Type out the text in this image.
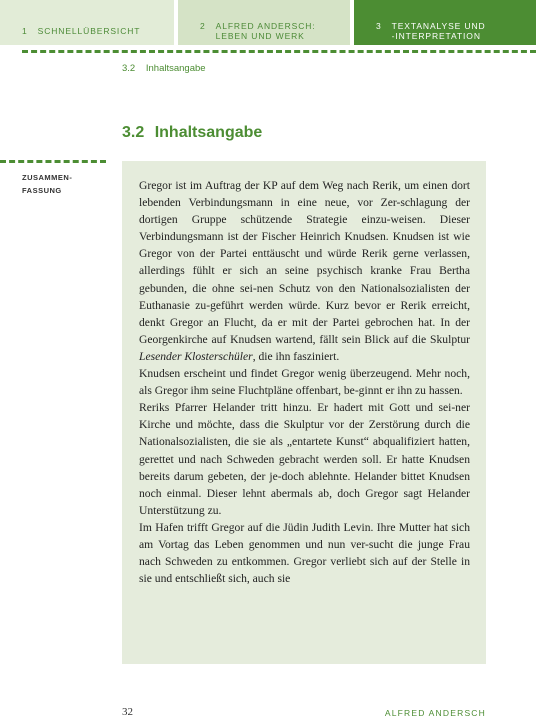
1 SCHNELLÜBERSICHT	2 ALFRED ANDERSCH:
LEBEN UND WERK
3 TEXTANALYSE UND
-INTERPRETATION
3.2 Inhaltsangabe
3.2 Inhaltsangabe
ZUSAMMEN-
FASSUNG	Gregor ist im Auftrag der KP auf dem Weg nach Rerik, um einen dort lebenden Verbindungsmann in eine neue, vor Zer-schlagung der dortigen Gruppe schützende Strategie einzu-weisen. Dieser Verbindungsmann ist der Fischer Heinrich Knudsen. Knudsen ist wie Gregor von der Partei enttäuscht und würde Rerik gerne verlassen, allerdings fühlt er sich an seine psychisch kranke Frau Bertha gebunden, die ohne sei-nen Schutz von den Nationalsozialisten der Euthanasie zu-geführt werden würde. Kurz bevor er Rerik erreicht, denkt Gregor an Flucht, da er mit der Partei gebrochen hat. In der Georgenkirche auf Knudsen wartend, fällt sein Blick auf die Skulptur Lesender Klosterschüler, die ihn fasziniert.

Knudsen erscheint und findet Gregor wenig überzeugend. Mehr noch, als Gregor ihm seine Fluchtpläne offenbart, be-ginnt er ihn zu hassen.

Reriks Pfarrer Helander tritt hinzu. Er hadert mit Gott und sei-ner Kirche und möchte, dass die Skulptur vor der Zerstörung durch die Nationalsozialisten, die sie als „entartete Kunst“ abqualifiziert hatten, gerettet und nach Schweden gebracht werden soll. Er hatte Knudsen bereits darum gebeten, der je-doch ablehnte. Helander bittet Knudsen noch einmal. Dieser lehnt abermals ab, doch Gregor sagt Helander Unterstützung zu.

Im Hafen trifft Gregor auf die Jüdin Judith Levin. Ihre Mutter hat sich am Vortag das Leben genommen und nun ver-sucht die junge Frau nach Schweden zu entkommen. Gregor verliebt sich auf der Stelle in sie und entschließt sich, auch sie

32	ALFRED ANDERSCH
